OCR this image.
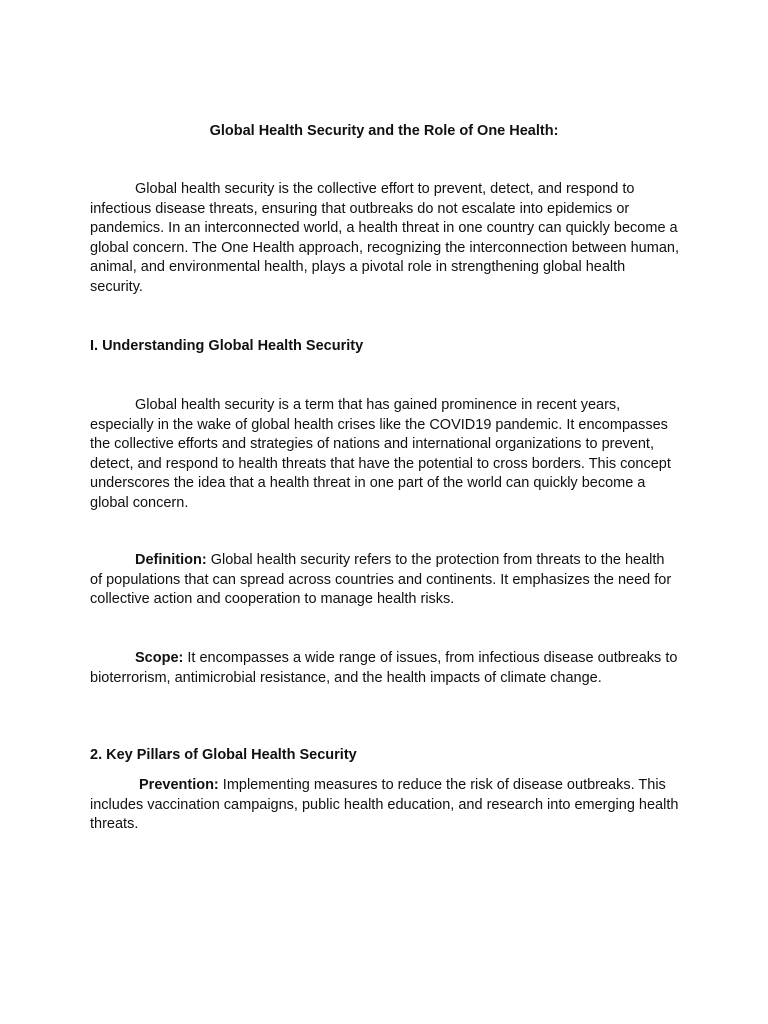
Global Health Security and the Role of One Health:

Global health security is the collective effort to prevent, detect, and respond to infectious disease threats, ensuring that outbreaks do not escalate into epidemics or pandemics. In an interconnected world, a health threat in one country can quickly become a global concern. The One Health approach, recognizing the interconnection between human, animal, and environmental health, plays a pivotal role in strengthening global health security.

I. Understanding Global Health Security

Global health security is a term that has gained prominence in recent years, especially in the wake of global health crises like the COVID19 pandemic. It encompasses the collective efforts and strategies of nations and international organizations to prevent, detect, and respond to health threats that have the potential to cross borders. This concept underscores the idea that a health threat in one part of the world can quickly become a global concern.

Definition: Global health security refers to the protection from threats to the health of populations that can spread across countries and continents. It emphasizes the need for collective action and cooperation to manage health risks.

Scope: It encompasses a wide range of issues, from infectious disease outbreaks to bioterrorism, antimicrobial resistance, and the health impacts of climate change.

2. Key Pillars of Global Health Security

Prevention: Implementing measures to reduce the risk of disease outbreaks. This includes vaccination campaigns, public health education, and research into emerging health threats.
